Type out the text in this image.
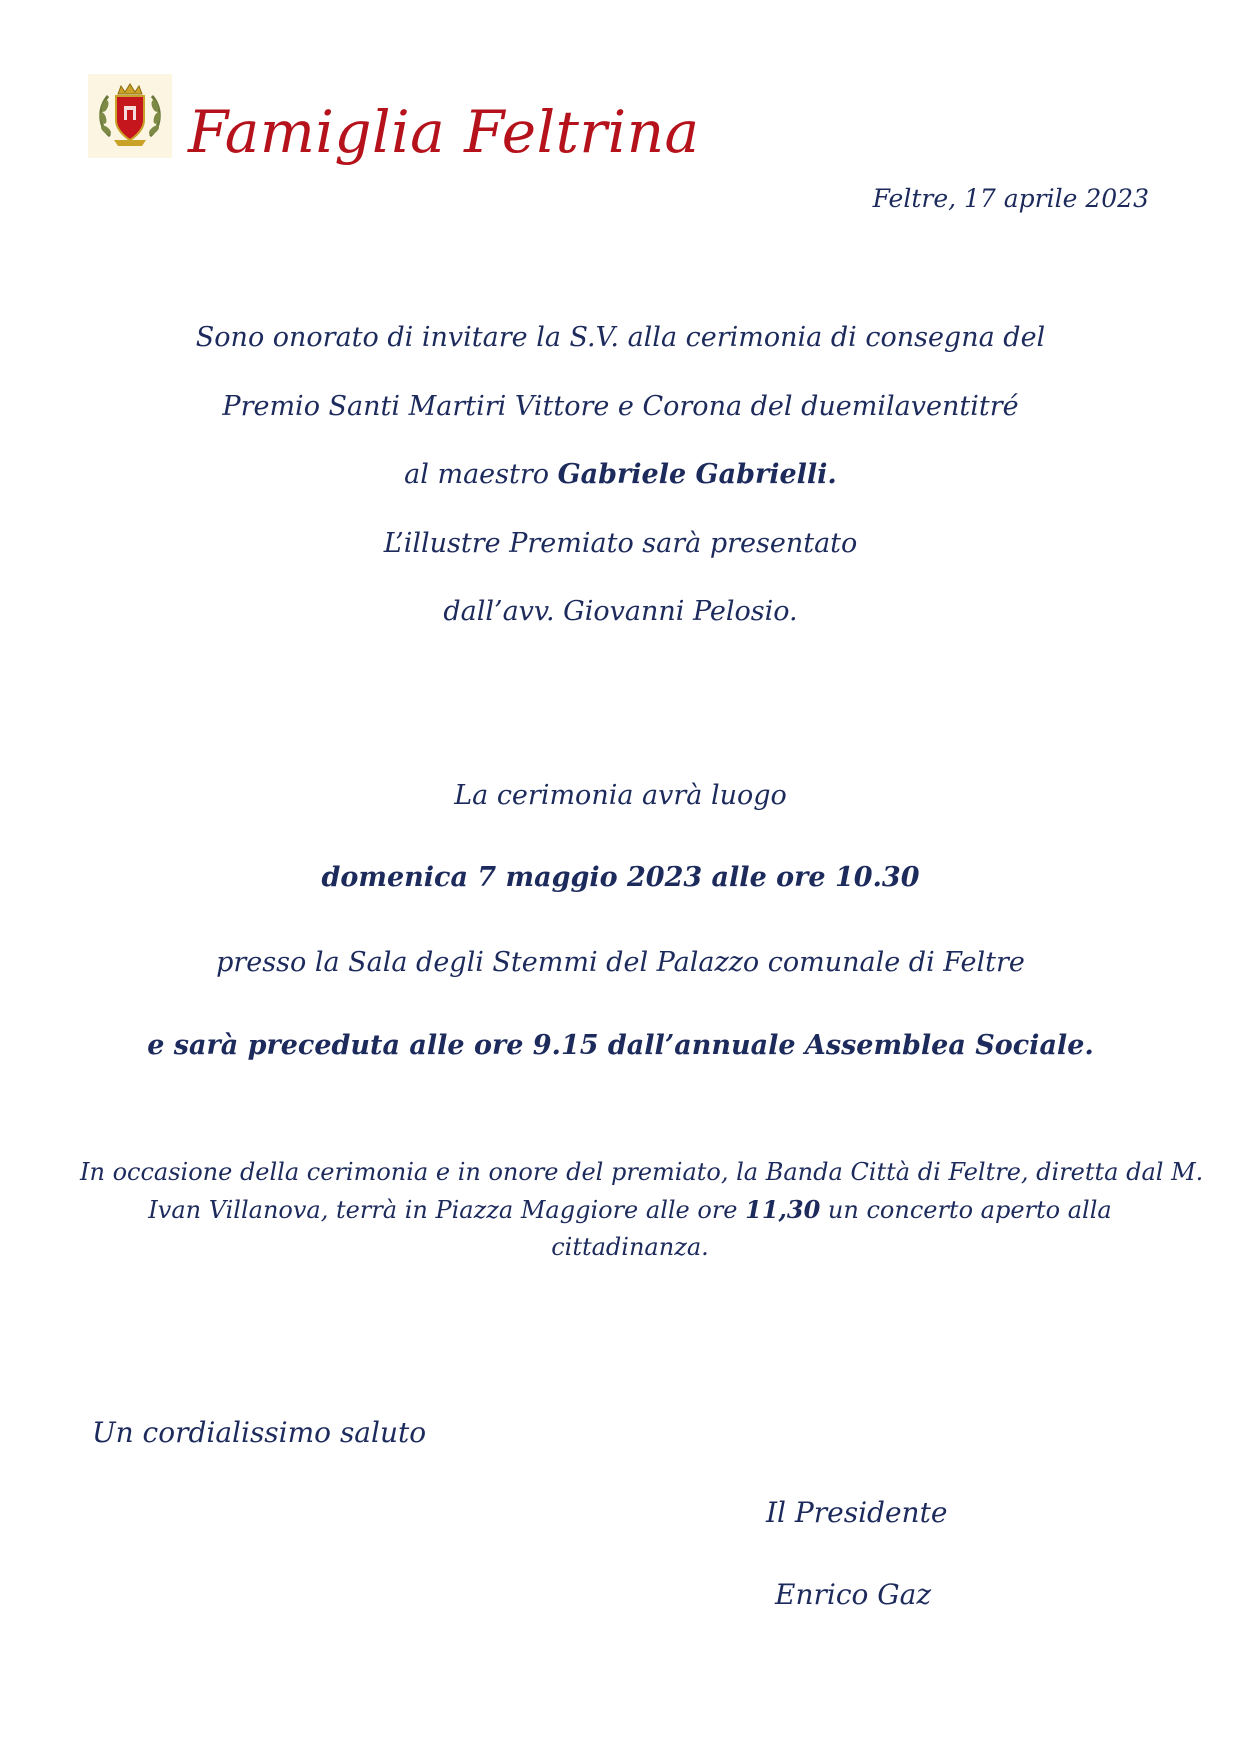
Famiglia Feltrina
Feltre, 17 aprile 2023
Sono onorato di invitare la S.V. alla cerimonia di consegna del
Premio Santi Martiri Vittore e Corona del duemilaventitré
al maestro Gabriele Gabrielli.
L’illustre Premiato sarà presentato
dall’avv. Giovanni Pelosio.
La cerimonia avrà luogo
domenica 7 maggio 2023 alle ore 10.30
presso la Sala degli Stemmi del Palazzo comunale di Feltre
e sarà preceduta alle ore 9.15 dall’annuale Assemblea Sociale.
In occasione della cerimonia e in onore del premiato, la Banda Città di Feltre, diretta dal M.
Ivan Villanova, terrà in Piazza Maggiore alle ore 11,30 un concerto aperto alla
cittadinanza.
Un cordialissimo saluto
Il Presidente
Enrico Gaz
